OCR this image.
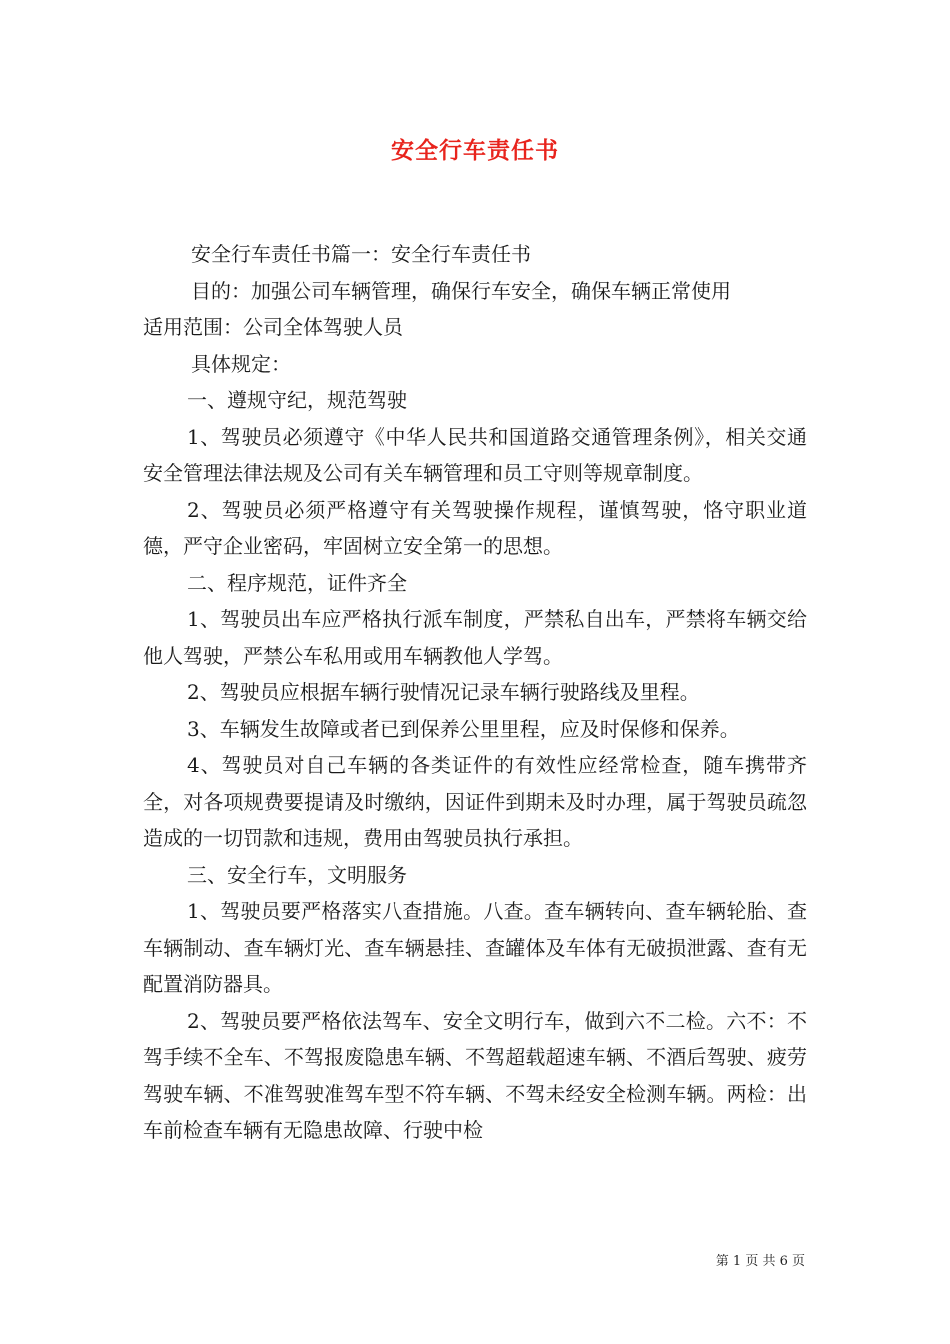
安全行车责任书

安全行车责任书篇一：安全行车责任书

目的：加强公司车辆管理，确保行车安全，确保车辆正常使用

适用范围：公司全体驾驶人员

具体规定：

一、遵规守纪，规范驾驶

1、驾驶员必须遵守《中华人民共和国道路交通管理条例》，相关交通安全管理法律法规及公司有关车辆管理和员工守则等规章制度。

2、驾驶员必须严格遵守有关驾驶操作规程，谨慎驾驶，恪守职业道德，严守企业密码，牢固树立安全第一的思想。

二、程序规范，证件齐全

1、驾驶员出车应严格执行派车制度，严禁私自出车，严禁将车辆交给他人驾驶，严禁公车私用或用车辆教他人学驾。

2、驾驶员应根据车辆行驶情况记录车辆行驶路线及里程。

3、车辆发生故障或者已到保养公里里程，应及时保修和保养。

4、驾驶员对自己车辆的各类证件的有效性应经常检查，随车携带齐全，对各项规费要提请及时缴纳，因证件到期未及时办理，属于驾驶员疏忽造成的一切罚款和违规，费用由驾驶员执行承担。

三、安全行车，文明服务

1、驾驶员要严格落实八查措施。八查。查车辆转向、查车辆轮胎、查车辆制动、查车辆灯光、查车辆悬挂、查罐体及车体有无破损泄露、查有无配置消防器具。

2、驾驶员要严格依法驾车、安全文明行车，做到六不二检。六不：不驾手续不全车、不驾报废隐患车辆、不驾超载超速车辆、不酒后驾驶、疲劳驾驶车辆、不准驾驶准驾车型不符车辆、不驾未经安全检测车辆。两检：出车前检查车辆有无隐患故障、行驶中检

第 1 页 共 6 页
